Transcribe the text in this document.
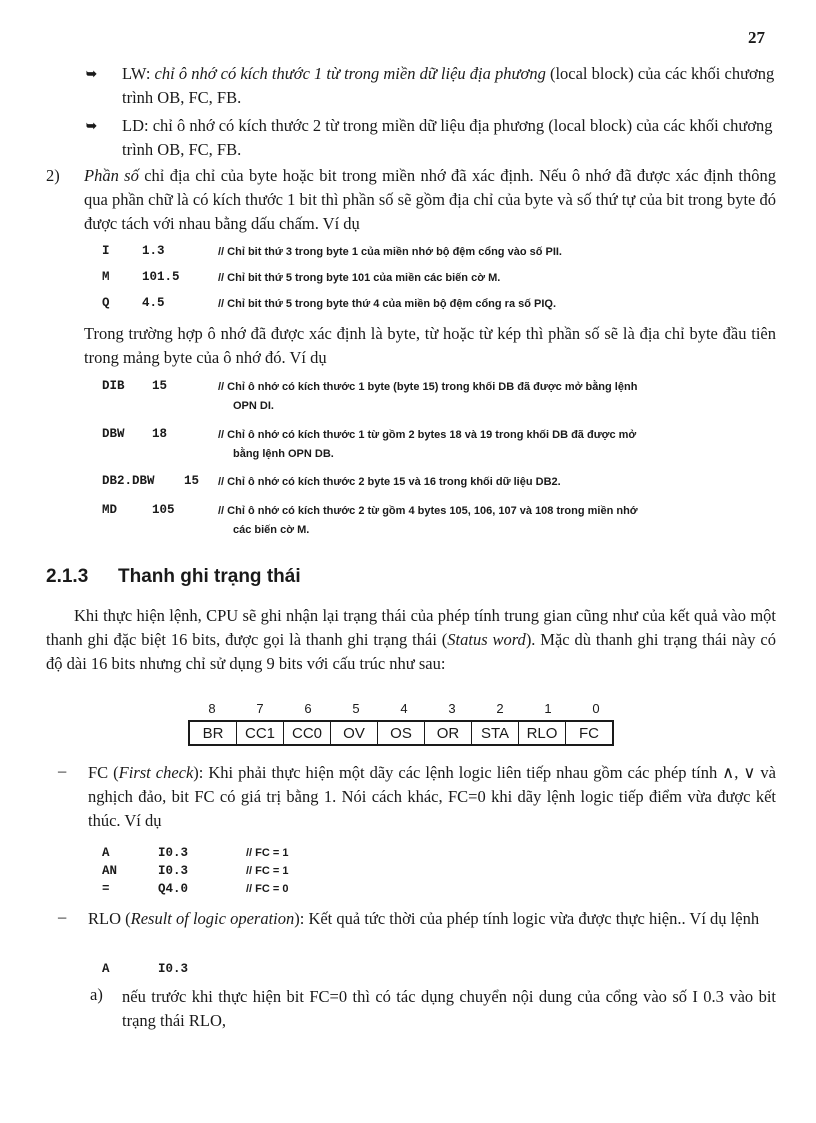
27
➥ LW: chỉ ô nhớ có kích thước 1 từ trong miền dữ liệu địa phương (local block) của các khối chương trình OB, FC, FB.
➥ LD: chỉ ô nhớ có kích thước 2 từ trong miền dữ liệu địa phương (local block) của các khối chương trình OB, FC, FB.
2) Phần số chỉ địa chỉ của byte hoặc bit trong miền nhớ đã xác định. Nếu ô nhớ đã được xác định thông qua phần chữ là có kích thước 1 bit thì phần số sẽ gồm địa chỉ của byte và số thứ tự của bit trong byte đó được tách với nhau bằng dấu chấm. Ví dụ
I	1.3	// Chỉ bit thứ 3 trong byte 1 của miền nhớ bộ đệm cổng vào số PII.
M	101.5	// Chỉ bit thứ 5 trong byte 101 của miền các biến cờ M.
Q	4.5	// Chỉ bit thứ 5 trong byte thứ 4 của miền bộ đệm cổng ra số PIQ.
Trong trường hợp ô nhớ đã được xác định là byte, từ hoặc từ kép thì phần số sẽ là địa chỉ byte đầu tiên trong mảng byte của ô nhớ đó. Ví dụ
DIB 15	// Chỉ ô nhớ có kích thước 1 byte (byte 15) trong khối DB đã được mở bằng lệnh
OPN DI.
DBW 18	// Chỉ ô nhớ có kích thước 1 từ gồm 2 bytes 18 và 19 trong khối DB đã được mở
bằng lệnh OPN DB.
DB2.DBW 15 // Chỉ ô nhớ có kích thước 2 byte 15 và 16 trong khối dữ liệu DB2.
MD	105	// Chỉ ô nhớ có kích thước 2 từ gồm 4 bytes 105, 106, 107 và 108 trong miền nhớ
các biến cờ M.
2.1.3 Thanh ghi trạng thái
Khi thực hiện lệnh, CPU sẽ ghi nhận lại trạng thái của phép tính trung gian cũng như của kết quả vào một thanh ghi đặc biệt 16 bits, được gọi là thanh ghi trạng thái (Status word). Mặc dù thanh ghi trạng thái này có độ dài 16 bits nhưng chỉ sử dụng 9 bits với cấu trúc như sau:
8	7	6	5	4	3	2	1	0
BR	CC1	CC0	OV	OS	OR	STA	RLO	FC
– FC (First check): Khi phải thực hiện một dãy các lệnh logic liên tiếp nhau gồm các phép tính ∧, ∨ và nghịch đảo, bit FC có giá trị bằng 1. Nói cách khác, FC=0 khi dãy lệnh logic tiếp điểm vừa được kết thúc. Ví dụ
A	I0.3	// FC = 1
AN	I0.3	// FC = 1
=	Q4.0	// FC = 0
– RLO (Result of logic operation): Kết quả tức thời của phép tính logic vừa được thực hiện.. Ví dụ lệnh
A	I0.3
a) nếu trước khi thực hiện bit FC=0 thì có tác dụng chuyển nội dung của cổng vào số I 0.3 vào bit trạng thái RLO,
